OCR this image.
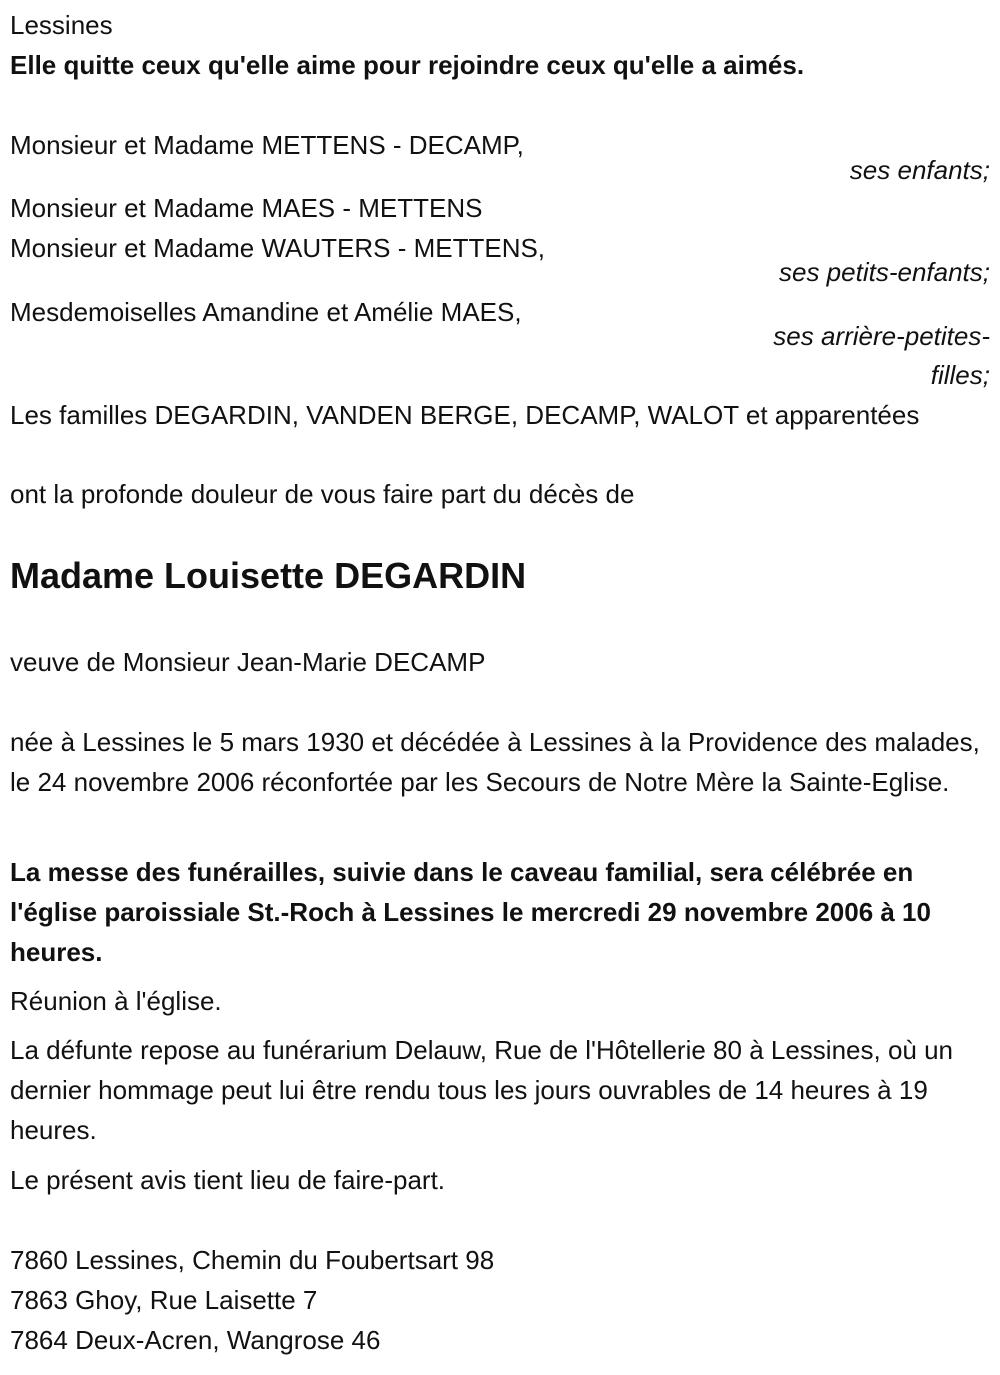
Lessines
Elle quitte ceux qu'elle aime pour rejoindre ceux qu'elle a aimés.
Monsieur et Madame METTENS - DECAMP,
ses enfants;
Monsieur et Madame MAES - METTENS
Monsieur et Madame WAUTERS - METTENS,
ses petits-enfants;
Mesdemoiselles Amandine et Amélie MAES,
ses arrière-petites-
filles;
Les familles DEGARDIN, VANDEN BERGE, DECAMP, WALOT et apparentées
ont la profonde douleur de vous faire part du décès de
Madame Louisette DEGARDIN
veuve de Monsieur Jean-Marie DECAMP
née à Lessines le 5 mars 1930 et décédée à Lessines à la Providence des malades, le 24 novembre 2006 réconfortée par les Secours de Notre Mère la Sainte-Eglise.
La messe des funérailles, suivie dans le caveau familial, sera célébrée en l'église paroissiale St.-Roch à Lessines le mercredi 29 novembre 2006 à 10 heures.
Réunion à l'église.
La défunte repose au funérarium Delauw, Rue de l'Hôtellerie 80 à Lessines, où un dernier hommage peut lui être rendu tous les jours ouvrables de 14 heures à 19 heures.
Le présent avis tient lieu de faire-part.
7860 Lessines, Chemin du Foubertsart 98
7863 Ghoy, Rue Laisette 7
7864 Deux-Acren, Wangrose 46
